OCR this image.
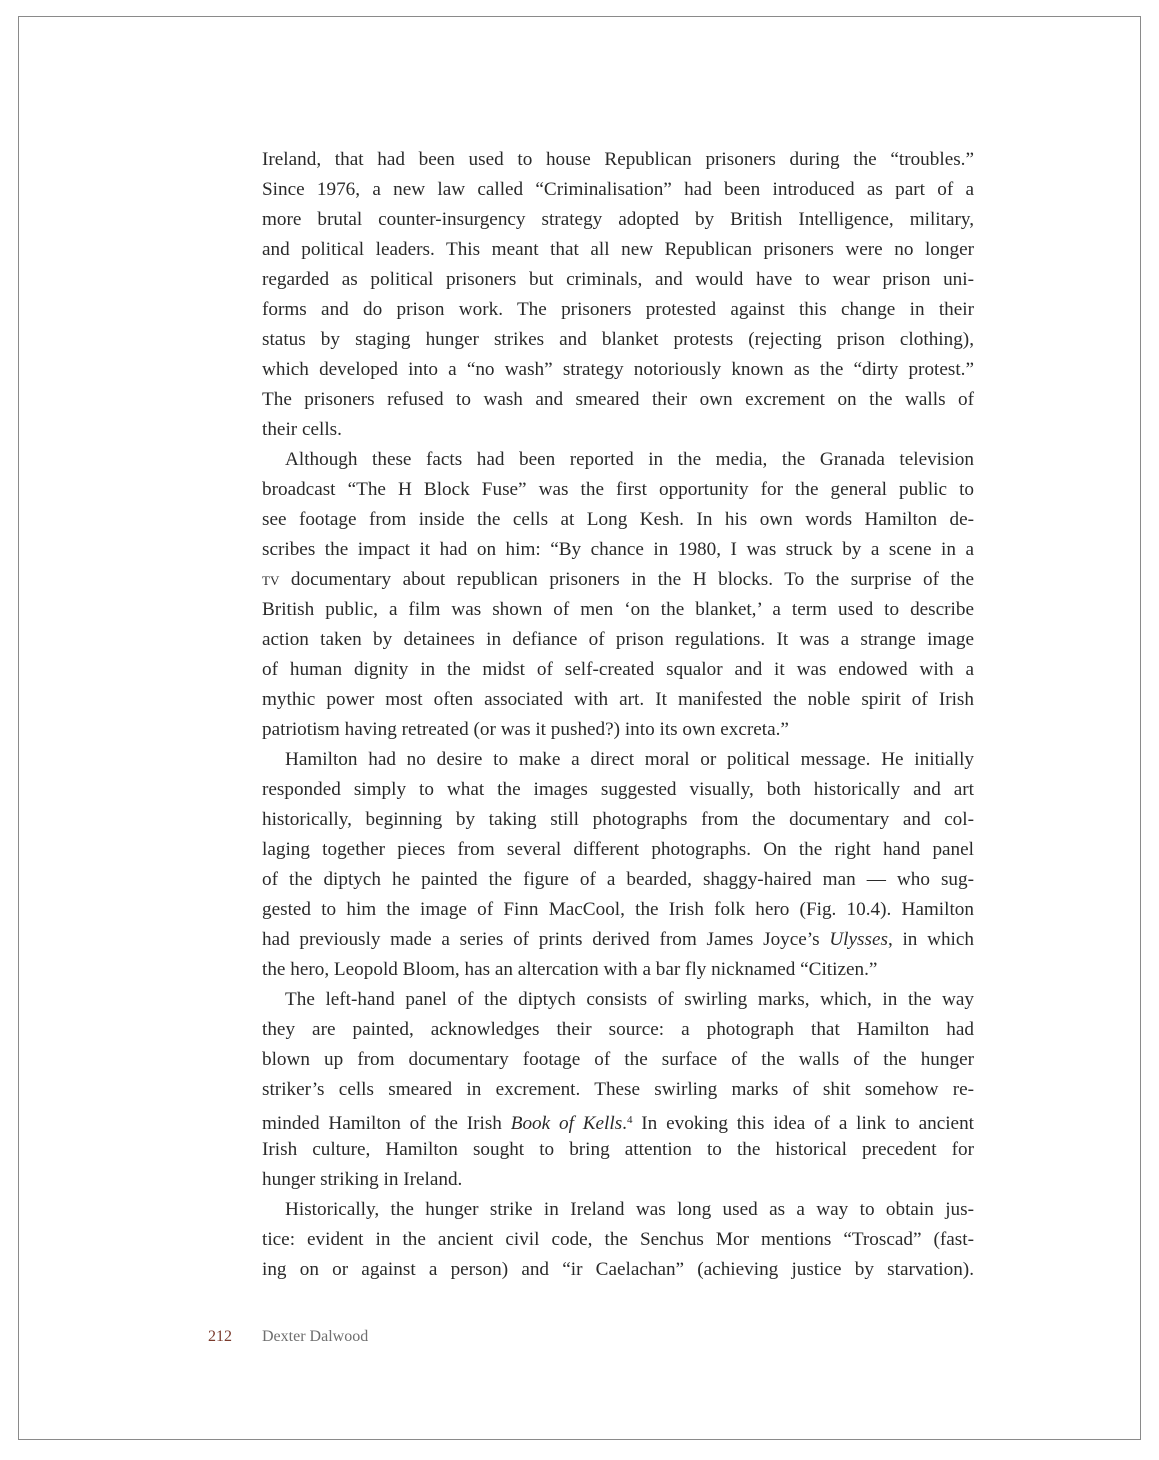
Ireland, that had been used to house Republican prisoners during the “troubles.”
Since 1976, a new law called “Criminalisation” had been introduced as part of a
more brutal counter-insurgency strategy adopted by British Intelligence, military,
and political leaders. This meant that all new Republican prisoners were no longer
regarded as political prisoners but criminals, and would have to wear prison uni-
forms and do prison work. The prisoners protested against this change in their
status by staging hunger strikes and blanket protests (rejecting prison clothing),
which developed into a “no wash” strategy notoriously known as the “dirty protest.”
The prisoners refused to wash and smeared their own excrement on the walls of
their cells.
Although these facts had been reported in the media, the Granada television
broadcast “The H Block Fuse” was the first opportunity for the general public to
see footage from inside the cells at Long Kesh. In his own words Hamilton de-
scribes the impact it had on him: “By chance in 1980, I was struck by a scene in a
tv documentary about republican prisoners in the H blocks. To the surprise of the
British public, a film was shown of men ‘on the blanket,’ a term used to describe
action taken by detainees in defiance of prison regulations. It was a strange image
of human dignity in the midst of self-created squalor and it was endowed with a
mythic power most often associated with art. It manifested the noble spirit of Irish
patriotism having retreated (or was it pushed?) into its own excreta.”
Hamilton had no desire to make a direct moral or political message. He initially
responded simply to what the images suggested visually, both historically and art
historically, beginning by taking still photographs from the documentary and col-
laging together pieces from several different photographs. On the right hand panel
of the diptych he painted the figure of a bearded, shaggy-haired man — who sug-
gested to him the image of Finn MacCool, the Irish folk hero (Fig. 10.4). Hamilton
had previously made a series of prints derived from James Joyce’s Ulysses, in which
the hero, Leopold Bloom, has an altercation with a bar fly nicknamed “Citizen.”
The left-hand panel of the diptych consists of swirling marks, which, in the way
they are painted, acknowledges their source: a photograph that Hamilton had
blown up from documentary footage of the surface of the walls of the hunger
striker’s cells smeared in excrement. These swirling marks of shit somehow re-
minded Hamilton of the Irish Book of Kells.$^4$ In evoking this idea of a link to ancient
Irish culture, Hamilton sought to bring attention to the historical precedent for
hunger striking in Ireland.
Historically, the hunger strike in Ireland was long used as a way to obtain jus-
tice: evident in the ancient civil code, the Senchus Mor mentions “Troscad” (fast-
ing on or against a person) and “ir Caelachan” (achieving justice by starvation).
212 Dexter Dalwood
